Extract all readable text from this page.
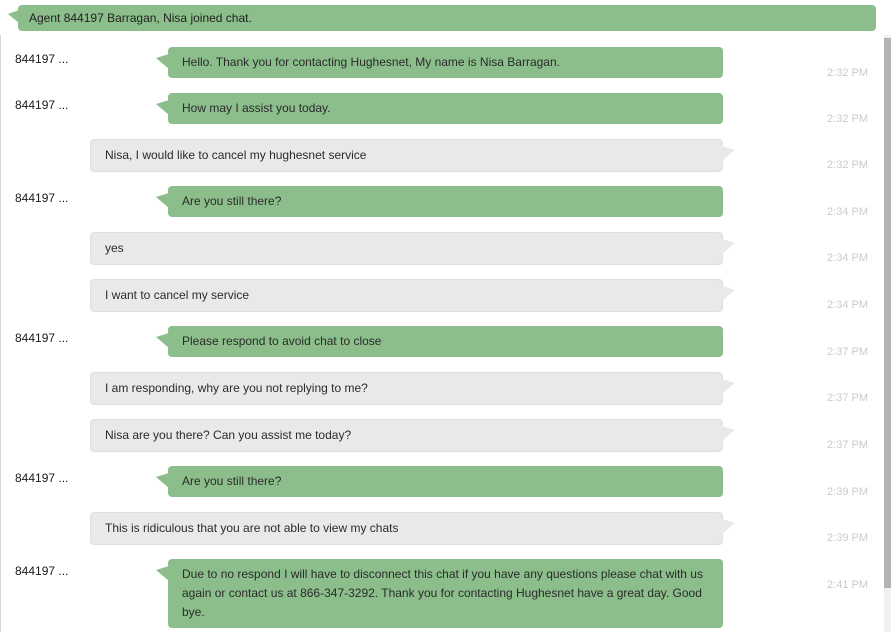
Agent 844197 Barragan, Nisa joined chat.
844197 ...	Hello. Thank you for contacting Hughesnet, My name is Nisa Barragan.
2:32 PM
844197 ...	How may I assist you today.
2:32 PM
Nisa, I would like to cancel my hughesnet service
2:32 PM
844197 ...	Are you still there?
2:34 PM
yes
2:34 PM
I want to cancel my service
2:34 PM
844197 ...	Please respond to avoid chat to close
2:37 PM
I am responding, why are you not replying to me?
2:37 PM
Nisa are you there? Can you assist me today?
2:37 PM
844197 ...	Are you still there?
2:39 PM
This is ridiculous that you are not able to view my chats
2:39 PM
844197 ...	Due to no respond I will have to disconnect this chat if you have any questions please chat with us again or contact us at 866-347-3292. Thank you for contacting Hughesnet have a great day. Good bye.
2:41 PM
